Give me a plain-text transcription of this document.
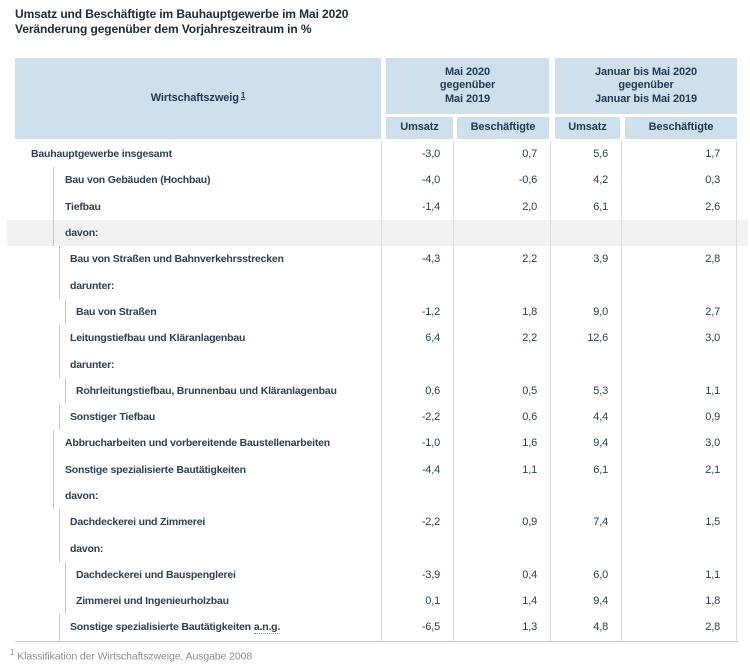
Umsatz und Beschäftigte im Bauhauptgewerbe im Mai 2020
Veränderung gegenüber dem Vorjahreszeitraum in %
Wirtschaftszweig $^1$
Mai 2020
gegenüber
Mai 2019
Januar bis Mai 2020
gegenüber
Januar bis Mai 2019
Umsatz	Beschäftigte	Umsatz	Beschäftigte
Bauhauptgewerbe insgesamt	-3,0	0,7	5,6	1,7
Bau von Gebäuden (Hochbau)	-4,0	-0,6	4,2	0,3
Tiefbau	-1,4	2,0	6,1	2,6
davon:
Bau von Straßen und Bahnverkehrsstrecken	-4,3	2,2	3,9	2,8
darunter:
Bau von Straßen	-1,2	1,8	9,0	2,7
Leitungstiefbau und Kläranlagenbau	6,4	2,2	12,6	3,0
darunter:
Rohrleitungstiefbau, Brunnenbau und Kläranlagenbau	0,6	0,5	5,3	1,1
Sonstiger Tiefbau	-2,2	0,6	4,4	0,9
Abbrucharbeiten und vorbereitende Baustellenarbeiten	-1,0	1,6	9,4	3,0
Sonstige spezialisierte Bautätigkeiten	-4,4	1,1	6,1	2,1
davon:
Dachdeckerei und Zimmerei	-2,2	0,9	7,4	1,5
davon:
Dachdeckerei und Bauspenglerei	-3,9	0,4	6,0	1,1
Zimmerei und Ingenieurholzbau	0,1	1,4	9,4	1,8
Sonstige spezialisierte Bautätigkeiten a.n.g.	-6,5	1,3	4,8	2,8
$^1$ Klassifikation der Wirtschaftszweige, Ausgabe 2008
